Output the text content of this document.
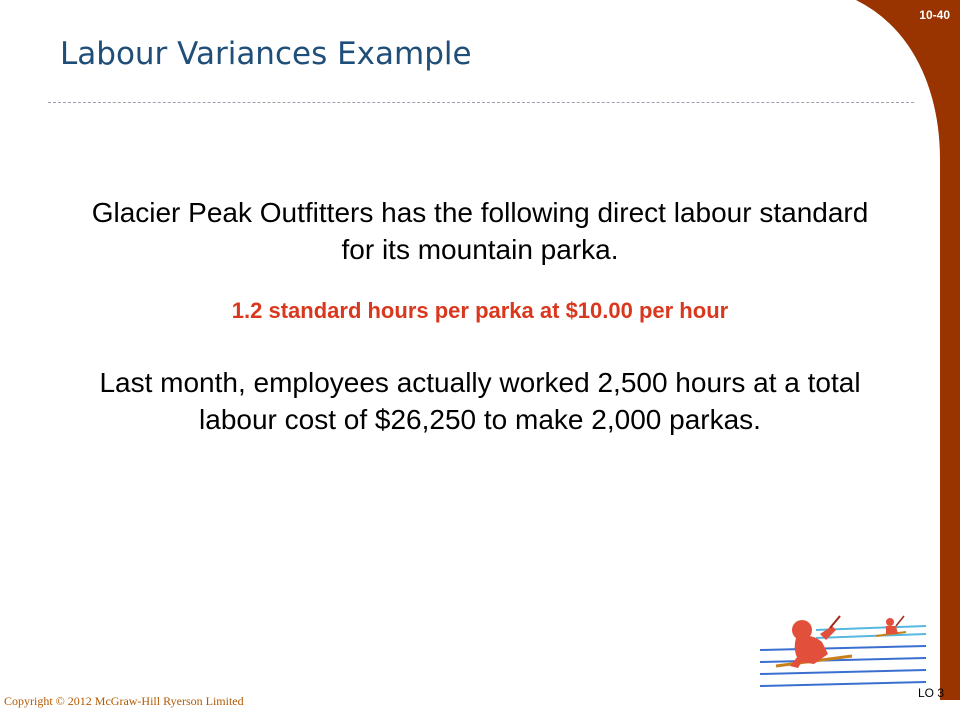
10-40
Labour Variances Example
Glacier Peak Outfitters has the following direct labour standard for its mountain parka.
1.2 standard hours per parka at $10.00 per hour
Last month, employees actually worked 2,500 hours at a total labour cost of $26,250 to make 2,000 parkas.
Copyright © 2012 McGraw-Hill Ryerson Limited
LO 3
